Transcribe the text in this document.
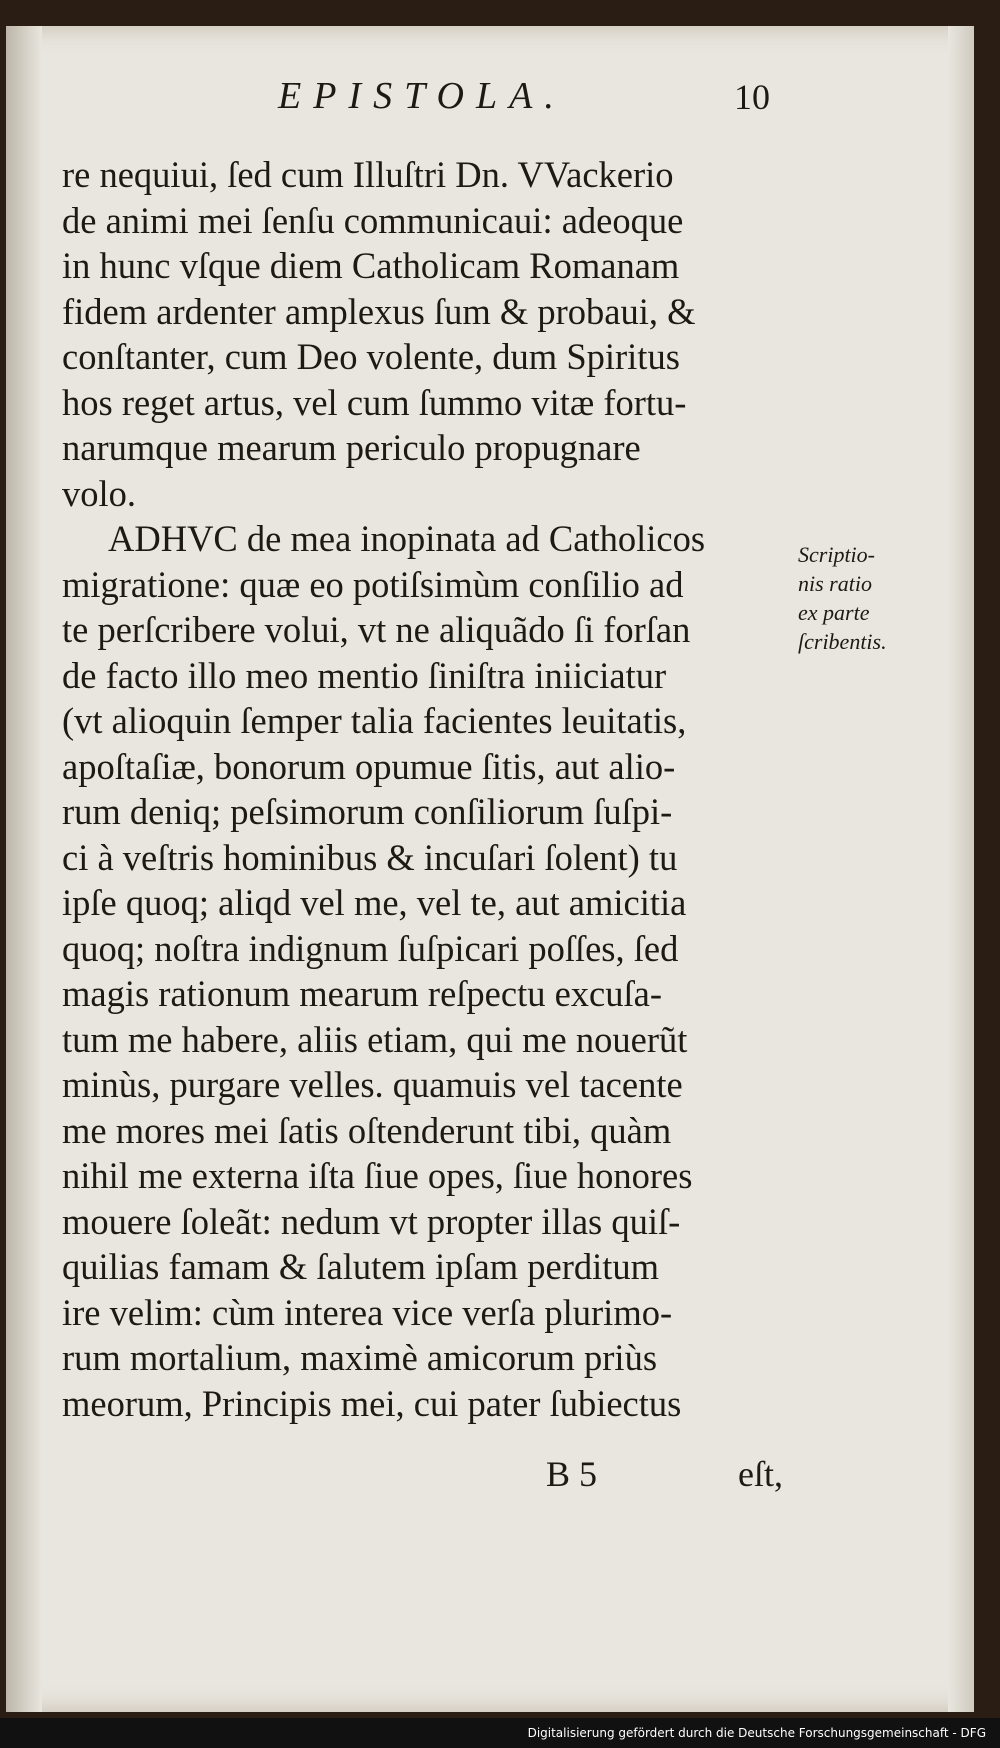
EPISTOLA.	10
re nequiui, ſed cum Illuſtri Dn. VVackerio
de animi mei ſenſu communicaui: adeoque
in hunc vſque diem Catholicam Romanam
fidem ardenter amplexus ſum & probaui, &
conſtanter, cum Deo volente, dum Spiritus
hos reget artus, vel cum ſummo vitæ fortu-
narumque mearum periculo propugnare
volo.
ADHVC de mea inopinata ad Catholicos
migratione: quæ eo potiſsimùm conſilio ad
te perſcribere volui, vt ne aliquãdo ſi forſan
de facto illo meo mentio ſiniſtra iniiciatur
(vt alioquin ſemper talia facientes leuitatis,
apoſtaſiæ, bonorum opumue ſitis, aut alio-
rum deniq; peſsimorum conſiliorum ſuſpi-
ci à veſtris hominibus & incuſari ſolent) tu
ipſe quoq; aliqd vel me, vel te, aut amicitia
quoq; noſtra indignum ſuſpicari poſſes, ſed
magis rationum mearum reſpectu excuſa-
tum me habere, aliis etiam, qui me nouerũt
minùs, purgare velles. quamuis vel tacente
me mores mei ſatis oſtenderunt tibi, quàm
nihil me externa iſta ſiue opes, ſiue honores
mouere ſoleãt: nedum vt propter illas quiſ-
quilias famam & ſalutem ipſam perditum
ire velim: cùm interea vice verſa plurimo-
rum mortalium, maximè amicorum priùs
meorum, Principis mei, cui pater ſubiectus
Scriptio-
nis ratio
ex parte
ſcribentis.
B 5	eſt,
Digitalisierung gefördert durch die Deutsche Forschungsgemeinschaft - DFG
